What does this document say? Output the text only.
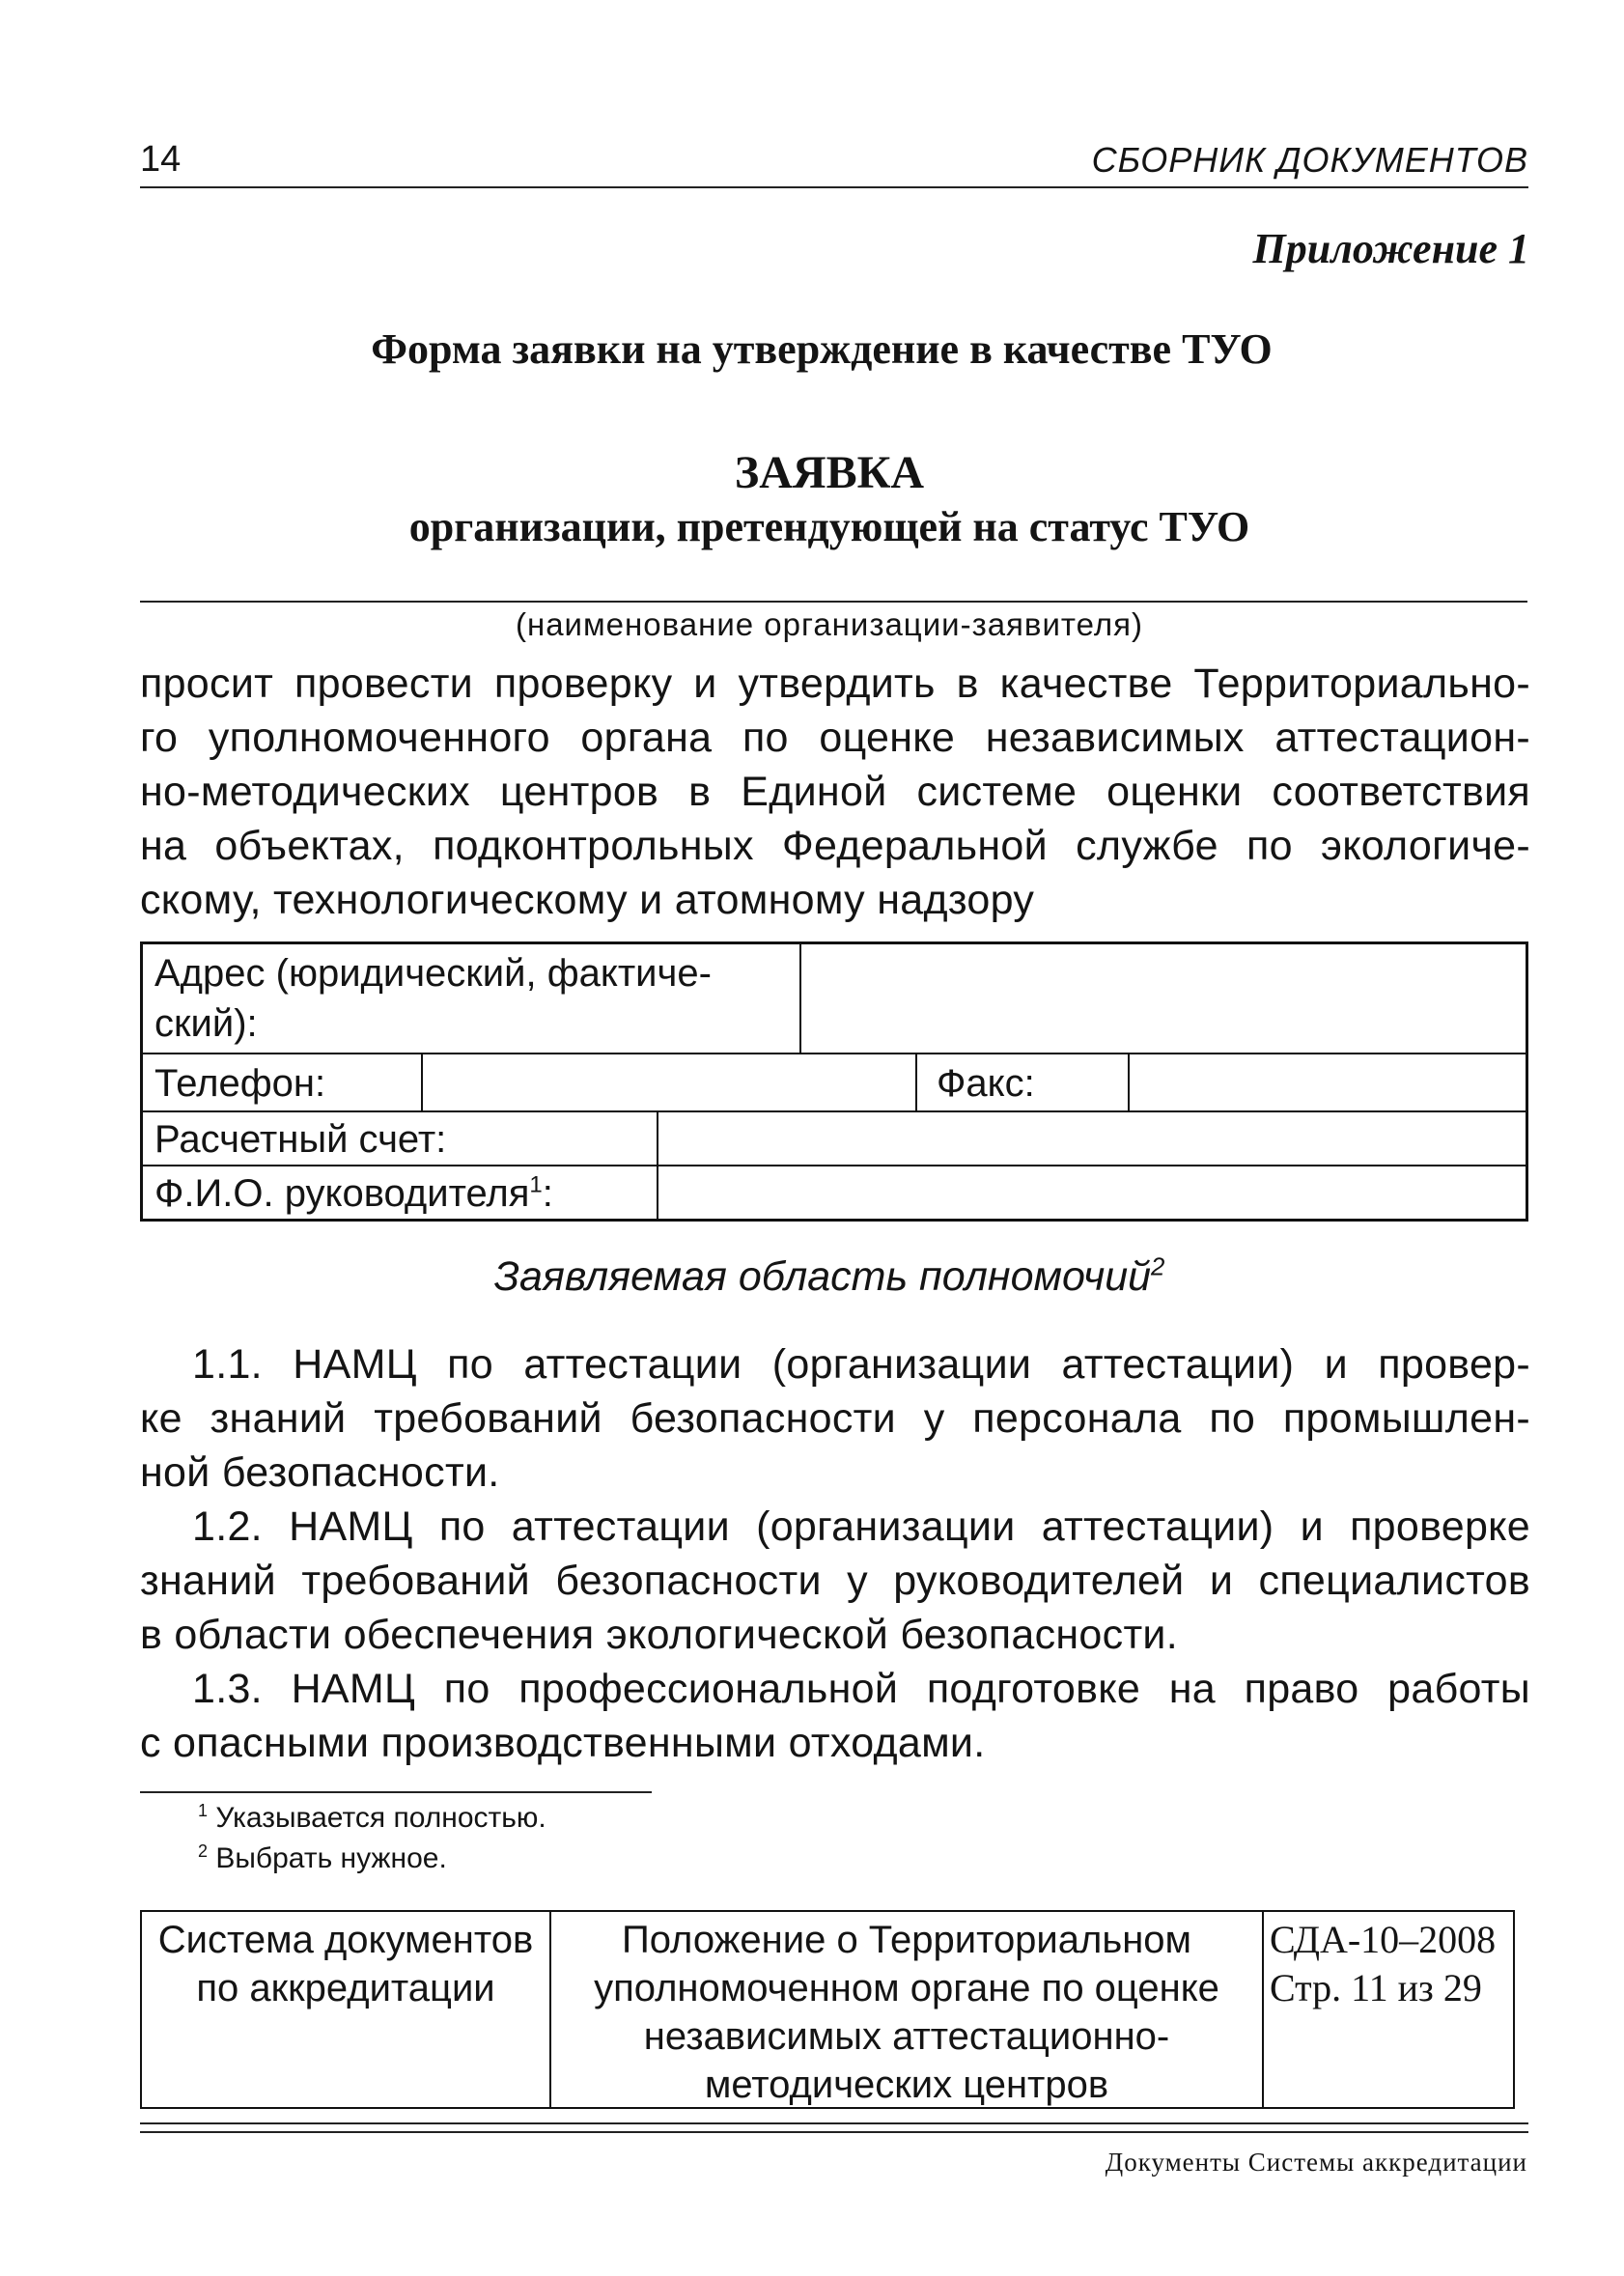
14	СБОРНИК ДОКУМЕНТОВ
Приложение 1
Форма заявки на утверждение в качестве ТУО
ЗАЯВКА
организации, претендующей на статус ТУО
(наименование организации-заявителя)
просит провести проверку и утвердить в качестве Территориально-
го уполномоченного органа по оценке независимых аттестацион-
но-методических центров в Единой системе оценки соответствия
на объектах, подконтрольных Федеральной службе по экологиче-
скому, технологическому и атомному надзору
Адрес (юридический, фактиче-
ский):
Телефон:	Факс:
Расчетный счет:
Ф.И.О. руководителя$^1$:
Заявляемая область полномочий$^2$
1.1. НАМЦ по аттестации (организации аттестации) и провер-
ке знаний требований безопасности у персонала по промышлен-
ной безопасности.
1.2. НАМЦ по аттестации (организации аттестации) и проверке
знаний требований безопасности у руководителей и специалистов
в области обеспечения экологической безопасности.
1.3. НАМЦ по профессиональной подготовке на право работы
с опасными производственными отходами.
$^1$ Указывается полностью.
$^2$ Выбрать нужное.
Система документов
по аккредитации
Положение о Территориальном
уполномоченном органе по оценке
независимых аттестационно-
методических центров
СДА-10–2008
Стр. 11 из 29
Документы Системы аккредитации
